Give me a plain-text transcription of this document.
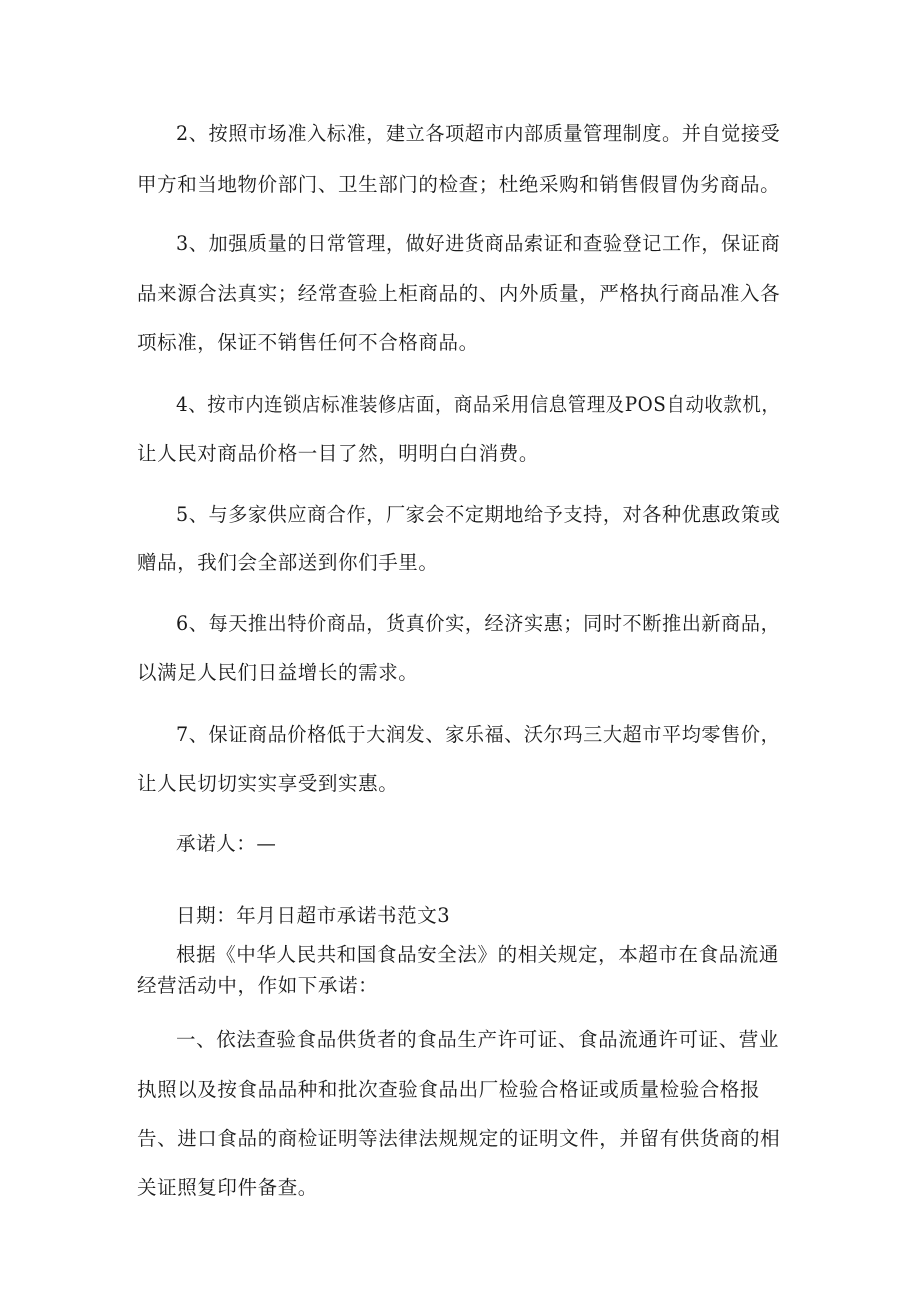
2、按照市场准入标准，建立各项超市内部质量管理制度。并自觉接受
甲方和当地物价部门、卫生部门的检查；杜绝采购和销售假冒伪劣商品。
3、加强质量的日常管理，做好进货商品索证和查验登记工作，保证商
品来源合法真实；经常查验上柜商品的、内外质量，严格执行商品准入各
项标准，保证不销售任何不合格商品。
4、按市内连锁店标准装修店面，商品采用信息管理及POS自动收款机，
让人民对商品价格一目了然，明明白白消费。
5、与多家供应商合作，厂家会不定期地给予支持，对各种优惠政策或
赠品，我们会全部送到你们手里。
6、每天推出特价商品，货真价实，经济实惠；同时不断推出新商品，
以满足人民们日益增长的需求。
7、保证商品价格低于大润发、家乐福、沃尔玛三大超市平均零售价，
让人民切切实实享受到实惠。
承诺人：—
日期：年月日超市承诺书范文3
根据《中华人民共和国食品安全法》的相关规定，本超市在食品流通
经营活动中，作如下承诺：
一、依法查验食品供货者的食品生产许可证、食品流通许可证、营业
执照以及按食品品种和批次查验食品出厂检验合格证或质量检验合格报
告、进口食品的商检证明等法律法规规定的证明文件，并留有供货商的相
关证照复印件备查。
